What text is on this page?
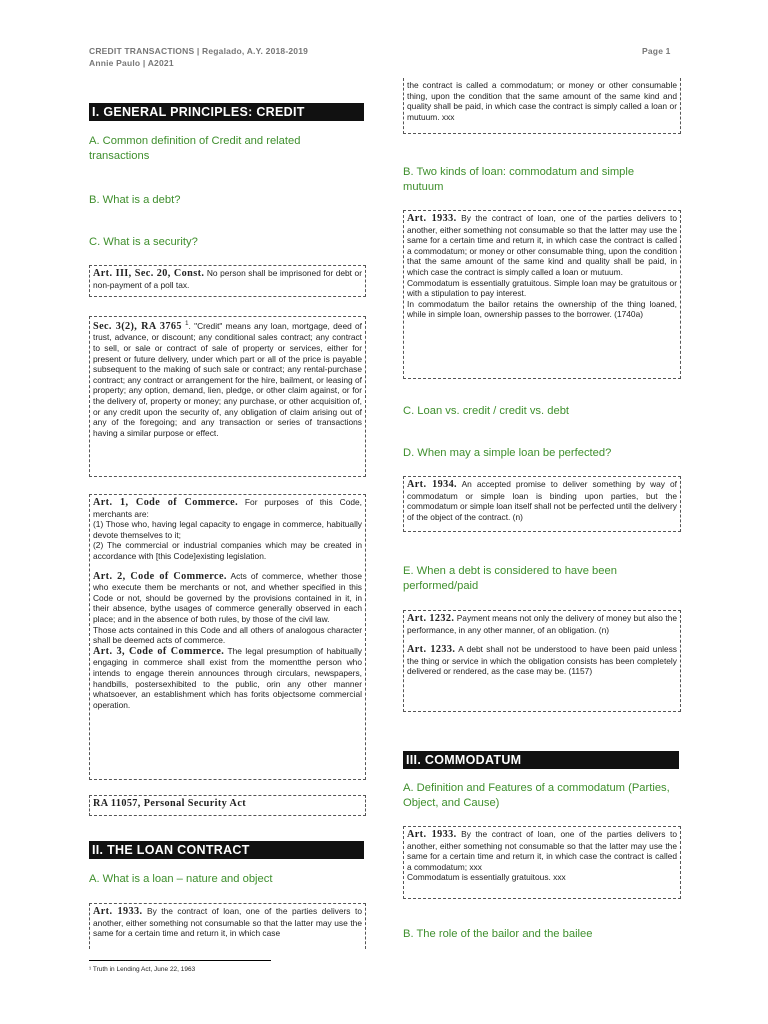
CREDIT TRANSACTIONS | Regalado, A.Y. 2018-2019
Annie Paulo | A2021
Page 1
I. GENERAL PRINCIPLES: CREDIT
A. Common definition of Credit and related transactions
B. What is a debt?
C. What is a security?

Art. III, Sec. 20, Const. No person shall be imprisoned for debt or non-payment of a poll tax.

Sec. 3(2), RA 3765 $^1$. "Credit" means any loan, mortgage, deed of trust, advance, or discount; any conditional sales contract; any contract to sell, or sale or contract of sale of property or services, either for present or future delivery, under which part or all of the price is payable subsequent to the making of such sale or contract; any rental-purchase contract; any contract or arrangement for the hire, bailment, or leasing of property; any option, demand, lien, pledge, or other claim against, or for the delivery of, property or money; any purchase, or other acquisition of, or any credit upon the security of, any obligation of claim arising out of any of the foregoing; and any transaction or series of transactions having a similar purpose or effect.

Art. 1, Code of Commerce. For purposes of this Code, merchants are:

(1) Those who, having legal capacity to engage in commerce, habitually devote themselves to it;

(2) The commercial or industrial companies which may be created in accordance with [this Code]existing legislation.

Art. 2, Code of Commerce. Acts of commerce, whether those who execute them be merchants or not, and whether specified in this Code or not, should be governed by the provisions contained in it, in their absence, bythe usages of commerce generally observed in each place; and in the absence of both rules, by those of the civil law.

Those acts contained in this Code and all others of analogous character shall be deemed acts of commerce.

Art. 3, Code of Commerce. The legal presumption of habitually engaging in commerce shall exist from the momentthe person who intends to engage therein announces through circulars, newspapers, handbills, postersexhibited to the public, orin any other manner whatsoever, an establishment which has forits objectsome commercial operation.

RA 11057, Personal Security Act

II. THE LOAN CONTRACT
A. What is a loan – nature and object

Art. 1933. By the contract of loan, one of the parties delivers to another, either something not consumable so that the latter may use the same for a certain time and return it, in which case

¹ Truth in Lending Act, June 22, 1963

the contract is called a commodatum; or money or other consumable thing, upon the condition that the same amount of the same kind and quality shall be paid, in which case the contract is simply called a loan or mutuum. xxx

B. Two kinds of loan: commodatum and simple mutuum

Art. 1933. By the contract of loan, one of the parties delivers to another, either something not consumable so that the latter may use the same for a certain time and return it, in which case the contract is called a commodatum; or money or other consumable thing, upon the condition that the same amount of the same kind and quality shall be paid, in which case the contract is simply called a loan or mutuum.

Commodatum is essentially gratuitous. Simple loan may be gratuitous or with a stipulation to pay interest.

In commodatum the bailor retains the ownership of the thing loaned, while in simple loan, ownership passes to the borrower. (1740a)

C. Loan vs. credit / credit vs. debt
D. When may a simple loan be perfected?

Art. 1934. An accepted promise to deliver something by way of commodatum or simple loan is binding upon parties, but the commodatum or simple loan itself shall not be perfected until the delivery of the object of the contract. (n)

E. When a debt is considered to have been performed/paid

Art. 1232. Payment means not only the delivery of money but also the performance, in any other manner, of an obligation. (n)

Art. 1233. A debt shall not be understood to have been paid unless the thing or service in which the obligation consists has been completely delivered or rendered, as the case may be. (1157)

III. COMMODATUM
A. Definition and Features of a commodatum (Parties, Object, and Cause)

Art. 1933. By the contract of loan, one of the parties delivers to another, either something not consumable so that the latter may use the same for a certain time and return it, in which case the contract is called a commodatum; xxx

Commodatum is essentially gratuitous. xxx

B. The role of the bailor and the bailee
